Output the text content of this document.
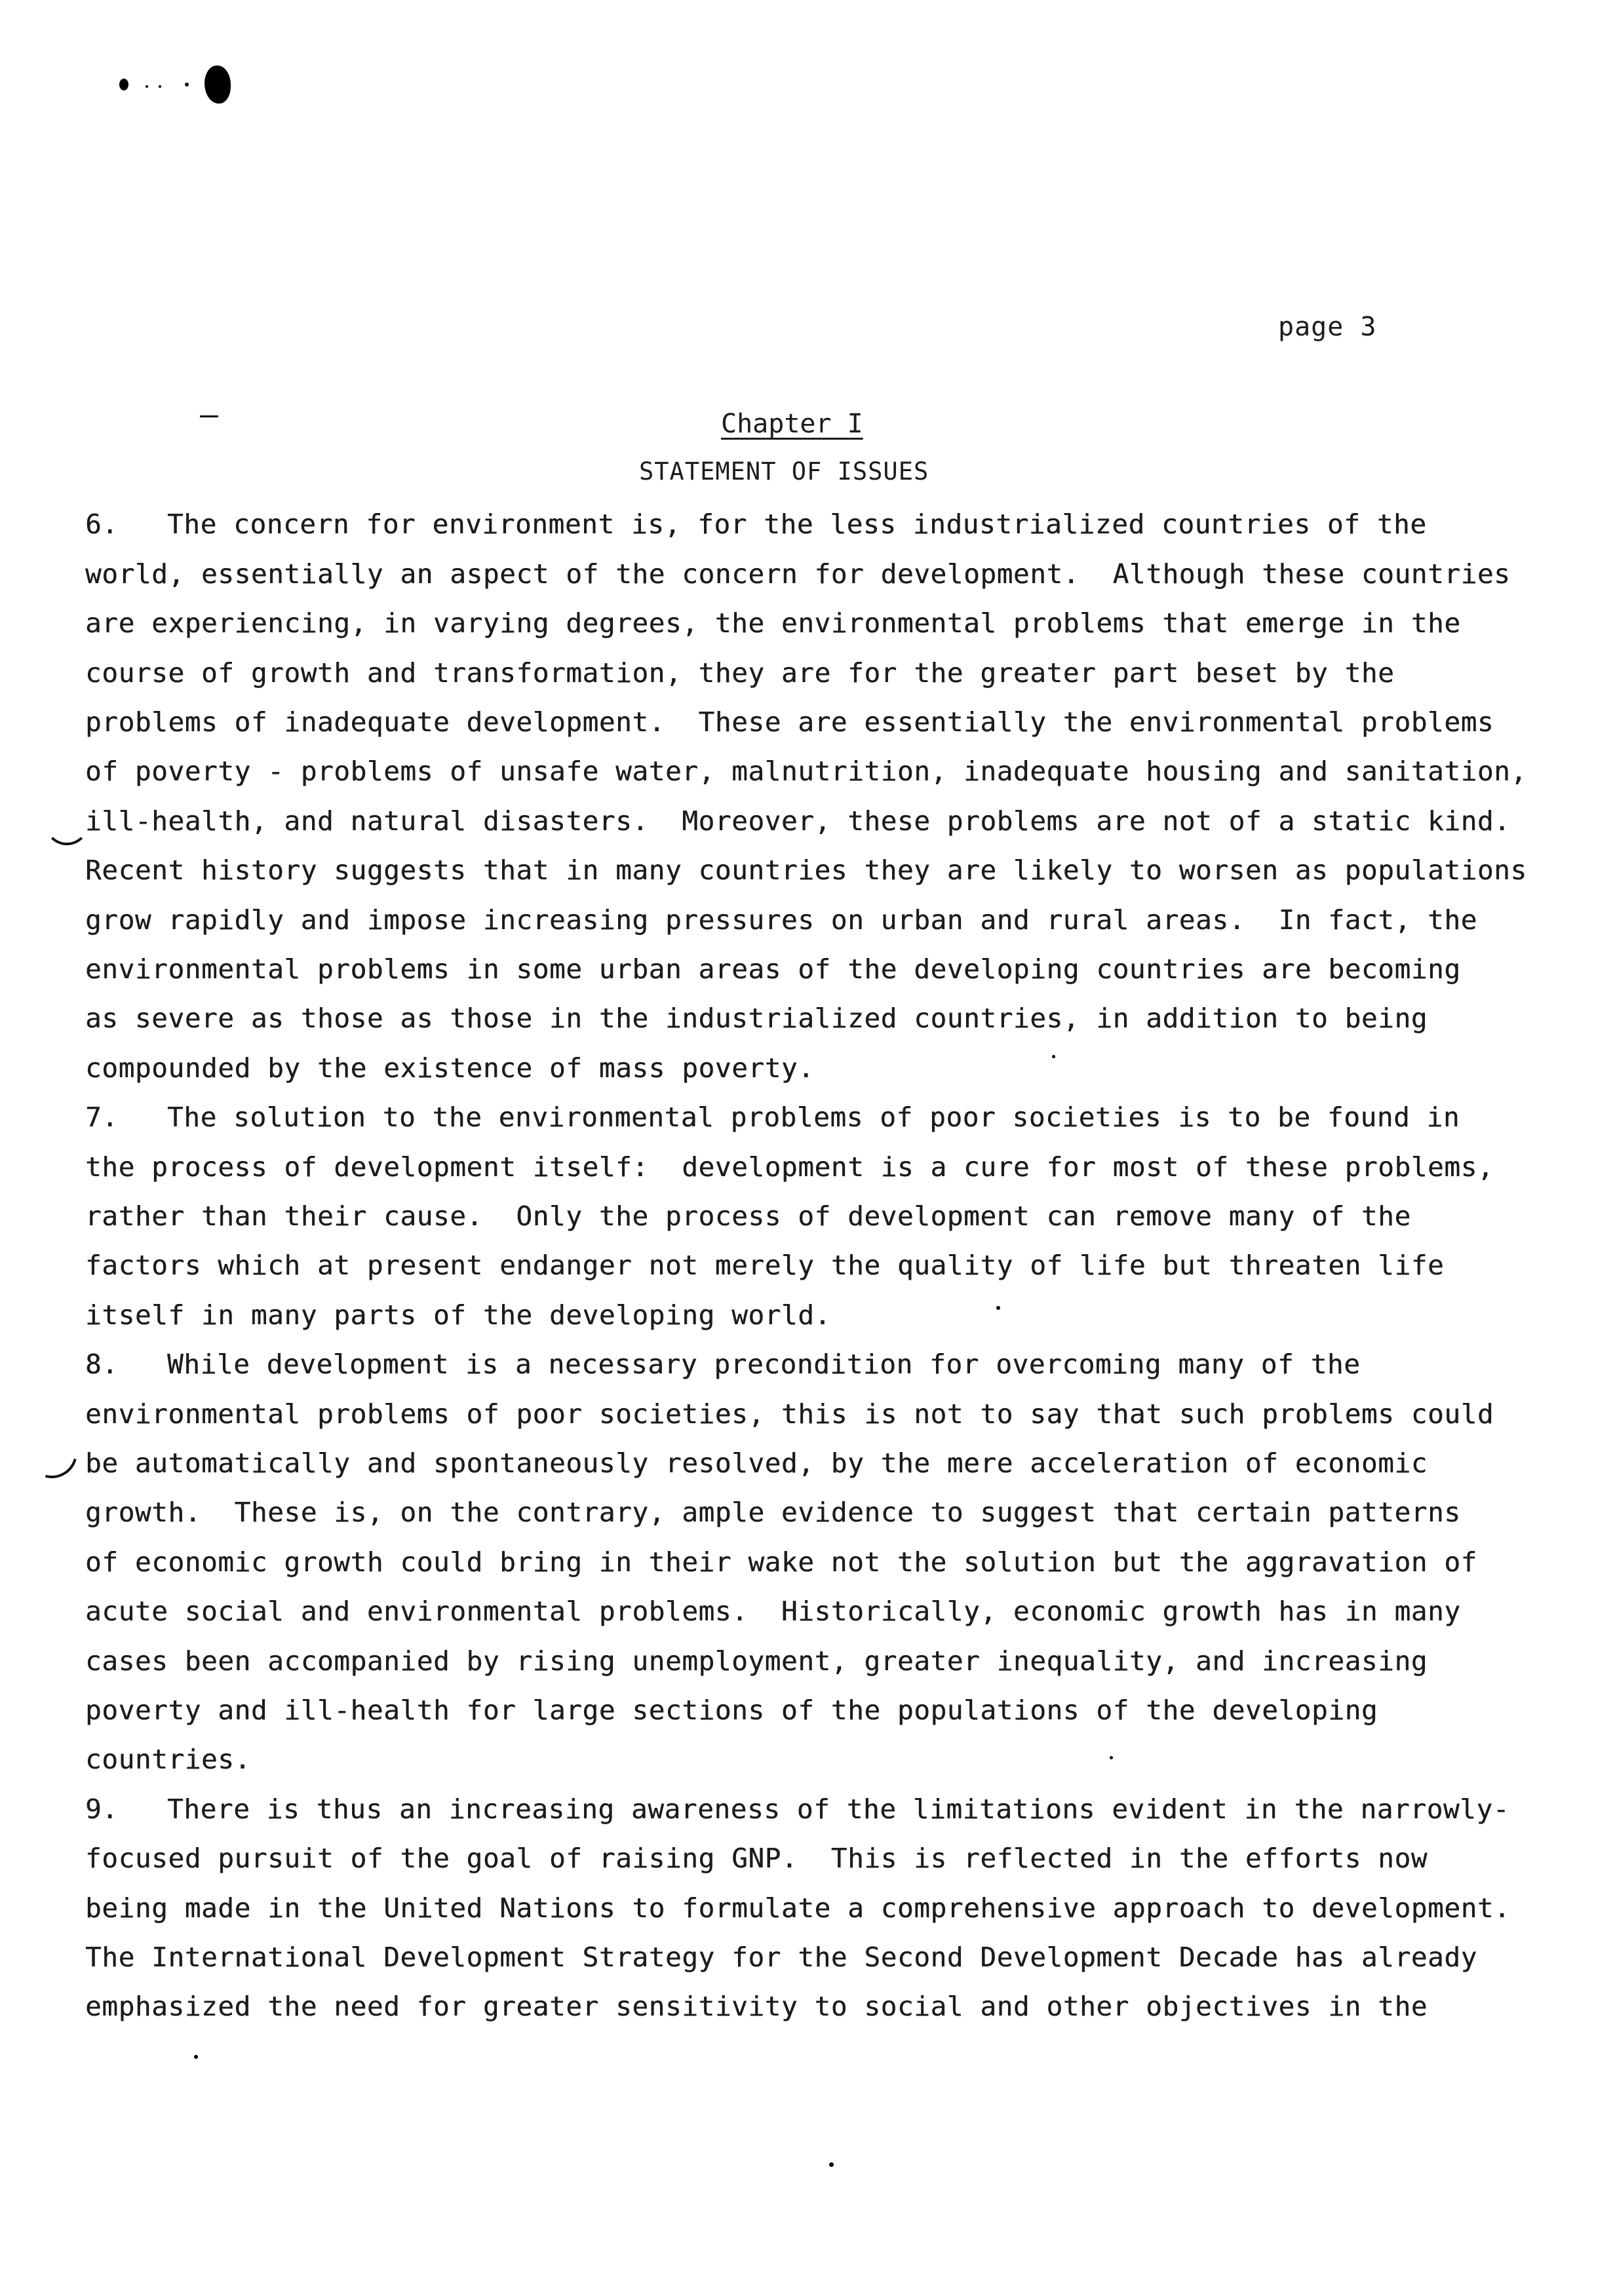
page 3
Chapter I
STATEMENT OF ISSUES
6. The concern for environment is, for the less industrialized countries of the
world, essentially an aspect of the concern for development.  Although these countries
are experiencing, in varying degrees, the environmental problems that emerge in the
course of growth and transformation, they are for the greater part beset by the
problems of inadequate development.  These are essentially the environmental problems
of poverty - problems of unsafe water, malnutrition, inadequate housing and sanitation,
ill-health, and natural disasters.  Moreover, these problems are not of a static kind.
Recent history suggests that in many countries they are likely to worsen as populations
grow rapidly and impose increasing pressures on urban and rural areas.  In fact, the
environmental problems in some urban areas of the developing countries are becoming
as severe as those as those in the industrialized countries, in addition to being
compounded by the existence of mass poverty.
7. The solution to the environmental problems of poor societies is to be found in
the process of development itself:  development is a cure for most of these problems,
rather than their cause.  Only the process of development can remove many of the
factors which at present endanger not merely the quality of life but threaten life
itself in many parts of the developing world.
8. While development is a necessary precondition for overcoming many of the
environmental problems of poor societies, this is not to say that such problems could
be automatically and spontaneously resolved, by the mere acceleration of economic
growth.  These is, on the contrary, ample evidence to suggest that certain patterns
of economic growth could bring in their wake not the solution but the aggravation of
acute social and environmental problems.  Historically, economic growth has in many
cases been accompanied by rising unemployment, greater inequality, and increasing
poverty and ill-health for large sections of the populations of the developing
countries.
9. There is thus an increasing awareness of the limitations evident in the narrowly-
focused pursuit of the goal of raising GNP.  This is reflected in the efforts now
being made in the United Nations to formulate a comprehensive approach to development.
The International Development Strategy for the Second Development Decade has already
emphasized the need for greater sensitivity to social and other objectives in the
